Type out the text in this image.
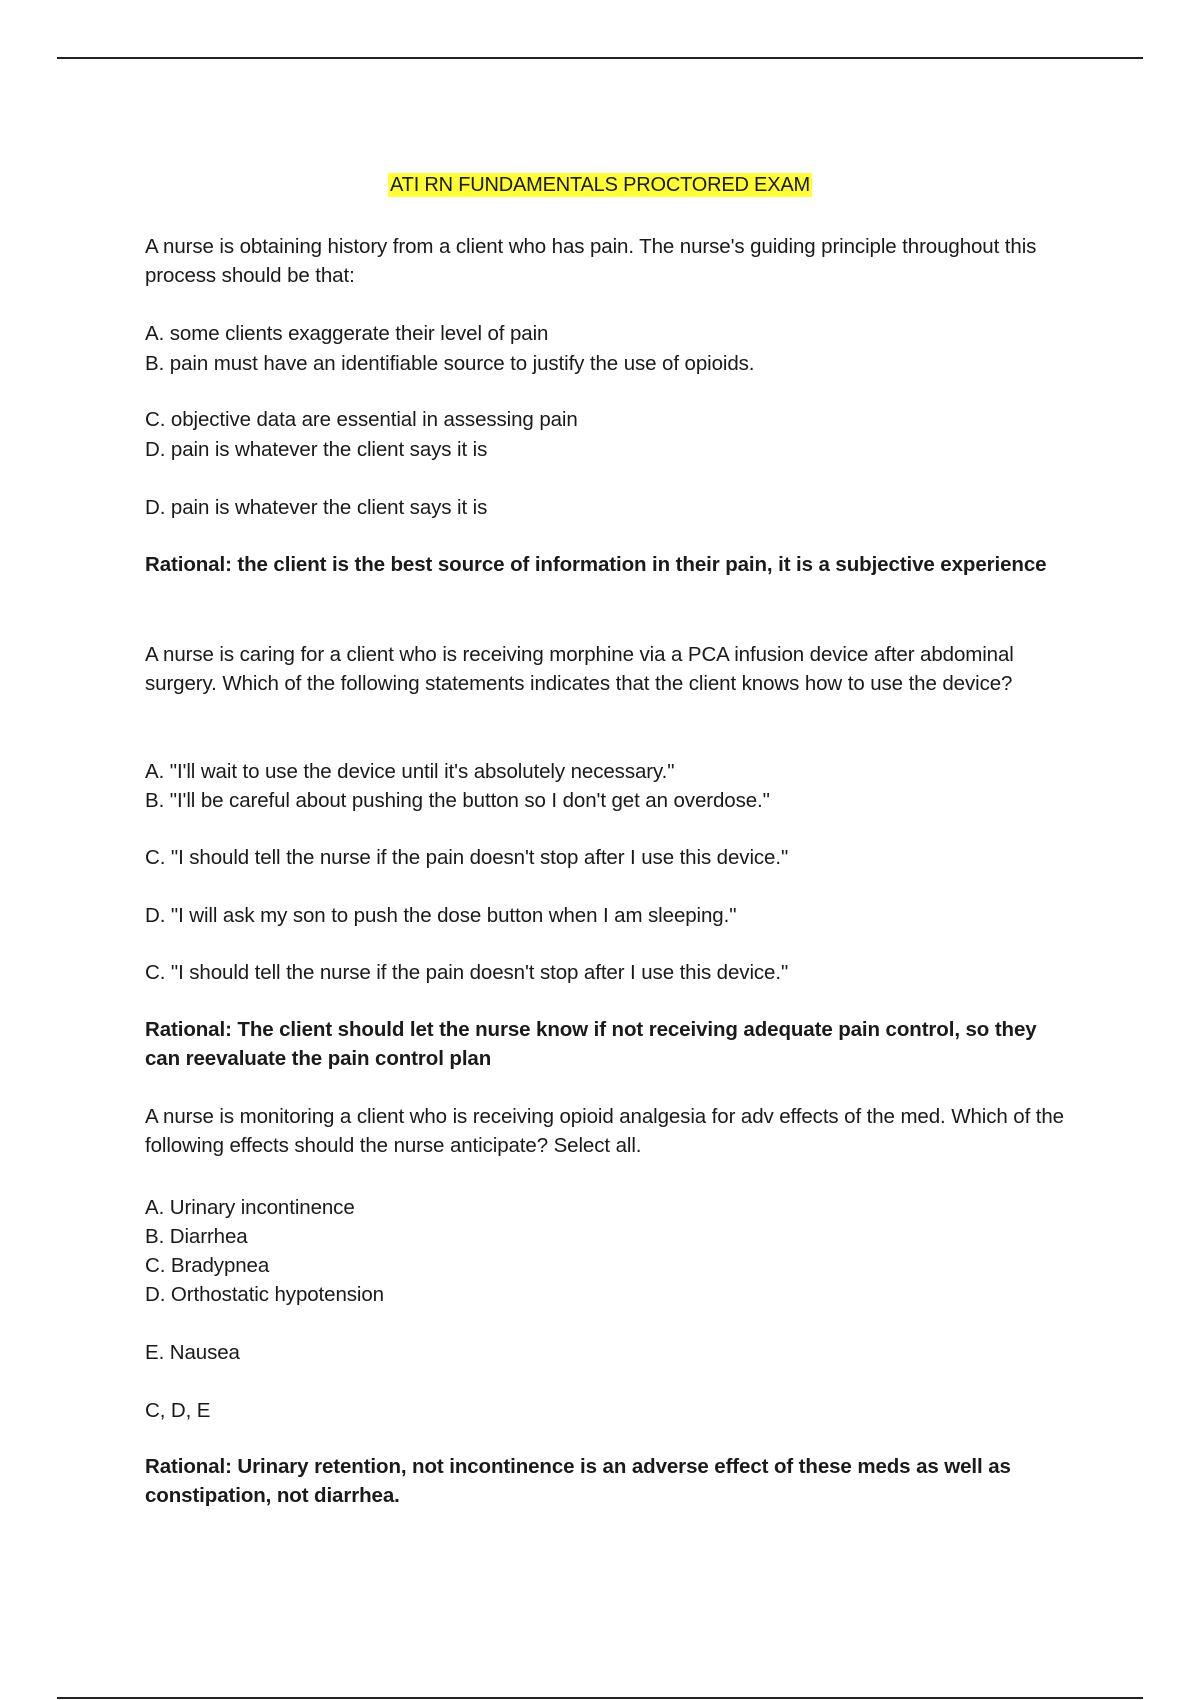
ATI RN FUNDAMENTALS PROCTORED EXAM
A nurse is obtaining history from a client who has pain. The nurse's guiding principle throughout this process should be that:
A. some clients exaggerate their level of pain
B. pain must have an identifiable source to justify the use of opioids.
C. objective data are essential in assessing pain
D. pain is whatever the client says it is
D. pain is whatever the client says it is
Rational: the client is the best source of information in their pain, it is a subjective experience
A nurse is caring for a client who is receiving morphine via a PCA infusion device after abdominal surgery. Which of the following statements indicates that the client knows how to use the device?
A. "I'll wait to use the device until it's absolutely necessary."
B. "I'll be careful about pushing the button so I don't get an overdose."
C. "I should tell the nurse if the pain doesn't stop after I use this device."
D. "I will ask my son to push the dose button when I am sleeping."
C. "I should tell the nurse if the pain doesn't stop after I use this device."
Rational: The client should let the nurse know if not receiving adequate pain control, so they can reevaluate the pain control plan
A nurse is monitoring a client who is receiving opioid analgesia for adv effects of the med. Which of the following effects should the nurse anticipate? Select all.
A. Urinary incontinence
B. Diarrhea
C. Bradypnea
D. Orthostatic hypotension
E. Nausea
C, D, E
Rational: Urinary retention, not incontinence is an adverse effect of these meds as well as constipation, not diarrhea.
